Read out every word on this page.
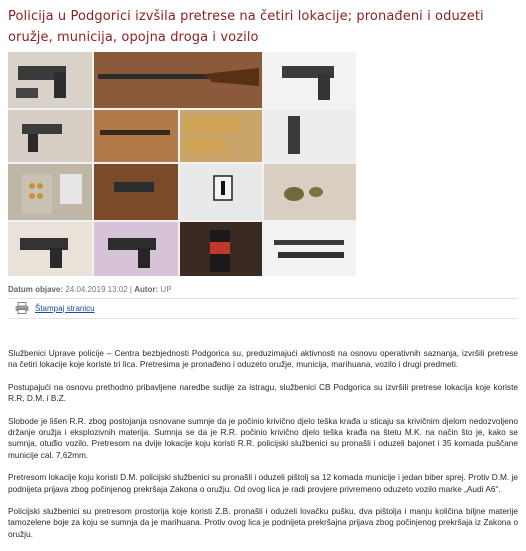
Policija u Podgorici izvšila pretrese na četiri lokacije; pronađeni i oduzeti oružje, municija, opojna droga i vozilo
Datum objave: 24.04.2019 13:02 | Autor: UP
Štampaj stranicu

Službenici Uprave policije – Centra bezbjednosti Podgorica su, preduzimajući aktivnosti na osnovu operativnih saznanja, izvršili pretrese na četiri lokacije koje koriste tri lica. Pretresima je pronađeno i oduzeto oružje, municija, marihuana, vozilo i drugi predmeti.

Postupajući na osnovu prethodno pribavljene naredbe sudije za istragu, službenici CB Podgorica su izvršili pretrese lokacija koje koriste R.R, D.M. i B.Z.

Slobode je lišen R.R. zbog postojanja osnovane sumnje da je počinio krivično djelo teška krađa u sticaju sa krivičnim djelom nedozvoljeno držanje oružja i eksplozivnih materija. Sumnja se da je R.R. počinio krivično djelo teška krađa na štetu M.K. na način što je, kako se sumnja, otuđio vozilo. Pretresom na dvije lokacije koju koristi R.R. policijski službenici su pronašli i oduzeli bajonet i 35 komada puščane municije cal. 7,62mm.

Pretresom lokacije koju koristi D.M. policijski službenici su pronašli i oduzeli pištolj sa 12 komada municije i jedan biber sprej. Protiv D.M. je podnijeta prijava zbog počinjenog prekršaja Zakona o oružju. Od ovog lica je radi provjere privremeno oduzeto vozilo marke „Audi A6“.

Policijski službenici su pretresom prostorija koje koristi Z.B. pronašli i oduzeli lovačku pušku, dva pištolja i manju količina biljne materije tamozelene boje za koju se sumnja da je marihuana. Protiv ovog lica je podnijeta prekršajna prijava zbog počinjenog prekršaja iz Zakona o oružju.
